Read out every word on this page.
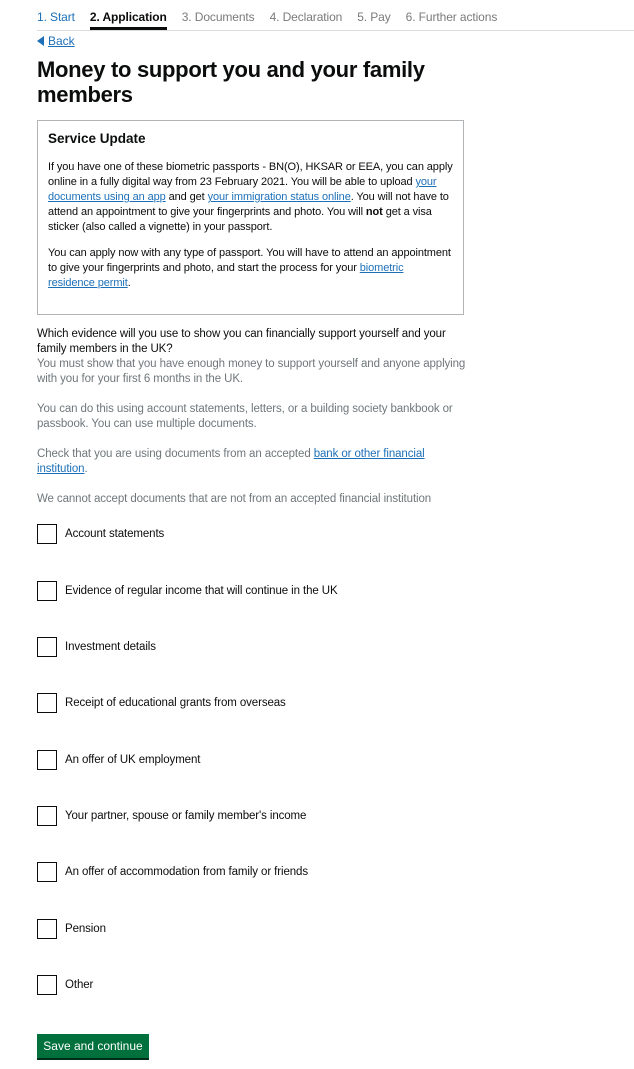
1. Start 2. Application 3. Documents 4. Declaration 5. Pay 6. Further actions
Back
Money to support you and your family members
Service Update

If you have one of these biometric passports - BN(O), HKSAR or EEA, you can apply online in a fully digital way from 23 February 2021. You will be able to upload your documents using an app and get your immigration status online. You will not have to attend an appointment to give your fingerprints and photo. You will not get a visa sticker (also called a vignette) in your passport.

You can apply now with any type of passport. You will have to attend an appointment to give your fingerprints and photo, and start the process for your biometric residence permit.

Which evidence will you use to show you can financially support yourself and your family members in the UK?

You must show that you have enough money to support yourself and anyone applying with you for your first 6 months in the UK.

You can do this using account statements, letters, or a building society bankbook or passbook. You can use multiple documents.

Check that you are using documents from an accepted bank or other financial institution.

We cannot accept documents that are not from an accepted financial institution

Account statements
Evidence of regular income that will continue in the UK
Investment details
Receipt of educational grants from overseas
An offer of UK employment
Your partner, spouse or family member's income
An offer of accommodation from family or friends
Pension
Other
Save and continue
